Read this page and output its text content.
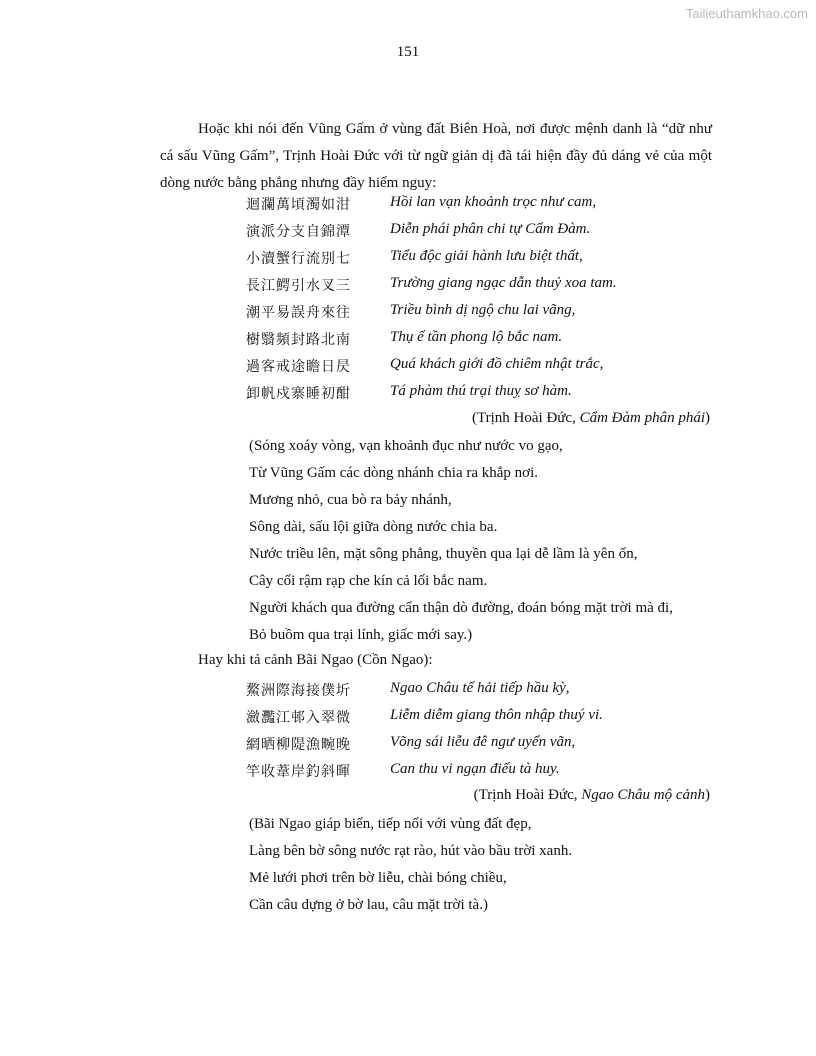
Tailieuthamkhao.com
151

Hoặc khi nói đến Vũng Gấm ở vùng đất Biên Hoà, nơi được mệnh danh là “dữ như cá sấu Vũng Gấm”, Trịnh Hoài Đức với từ ngữ giản dị đã tái hiện đầy đủ dáng vẻ của một dòng nước bằng phẳng nhưng đầy hiểm nguy:

迴瀾萬頃濁如泔	Hồi lan vạn khoảnh trọc như cam,
演派分支自錦潭	Diễn phái phân chi tự Cẩm Đàm.
小瀆蟹行流別七	Tiểu độc giải hành lưu biệt thất,
長江鰐引水叉三	Trường giang ngạc dẫn thuỷ xoa tam.
潮平易誤舟來往	Triều bình dị ngộ chu lai vãng,
樹翳頻封路北南	Thụ ế tần phong lộ bắc nam.
過客戒途瞻日昃	Quá khách giới đồ chiêm nhật trắc,
卸帆戍寨睡初酣	Tá phàm thú trại thuỵ sơ hàm.
(Trịnh Hoài Đức, Cẩm Đàm phân phái)
(Sóng xoáy vòng, vạn khoảnh đục như nước vo gạo,
Từ Vũng Gấm các dòng nhánh chia ra khắp nơi.
Mương nhỏ, cua bò ra bảy nhánh,
Sông dài, sấu lội giữa dòng nước chia ba.
Nước triều lên, mặt sông phẳng, thuyền qua lại dễ lầm là yên ổn,
Cây cối rậm rạp che kín cả lối bắc nam.
Người khách qua đường cẩn thận dò đường, đoán bóng mặt trời mà đi,
Bỏ buồm qua trại lính, giấc mới say.)
Hay khi tả cảnh Bãi Ngao (Cồn Ngao):
鰲洲際海接僕圻	Ngao Châu tế hải tiếp hầu kỳ,
瀲灩江邨入翠微	Liễm diễm giang thôn nhập thuý vi.
網晒柳隄漁畹晚	Võng sái liễu đê ngư uyển vãn,
竿收葦岸釣斜暉	Can thu vi ngạn điếu tà huy.
(Trịnh Hoài Đức, Ngao Châu mộ cảnh)
(Bãi Ngao giáp biển, tiếp nối với vùng đất đẹp,
Làng bên bờ sông nước rạt rào, hút vào bầu trời xanh.
Mẻ lưới phơi trên bờ liễu, chài bóng chiều,
Cần câu dựng ở bờ lau, câu mặt trời tà.)
